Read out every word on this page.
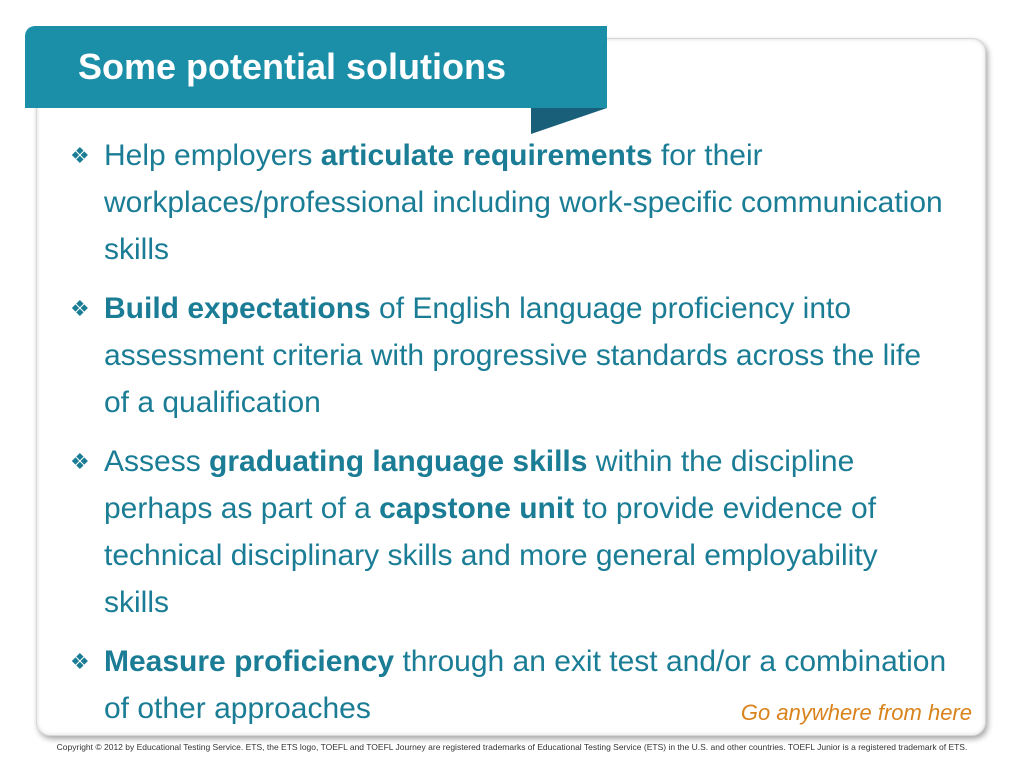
Some potential solutions
❖ Help employers articulate requirements for their workplaces/professional including work-specific communication skills
❖ Build expectations of English language proficiency into assessment criteria with progressive standards across the life of a qualification
❖ Assess graduating language skills within the discipline perhaps as part of a capstone unit to provide evidence of technical disciplinary skills and more general employability skills
❖ Measure proficiency through an exit test and/or a combination of other approaches	Go anywhere from here
Copyright © 2012 by Educational Testing Service. ETS, the ETS logo, TOEFL and TOEFL Journey are registered trademarks of Educational Testing Service (ETS) in the U.S. and other countries. TOEFL Junior is a registered trademark of ETS.
